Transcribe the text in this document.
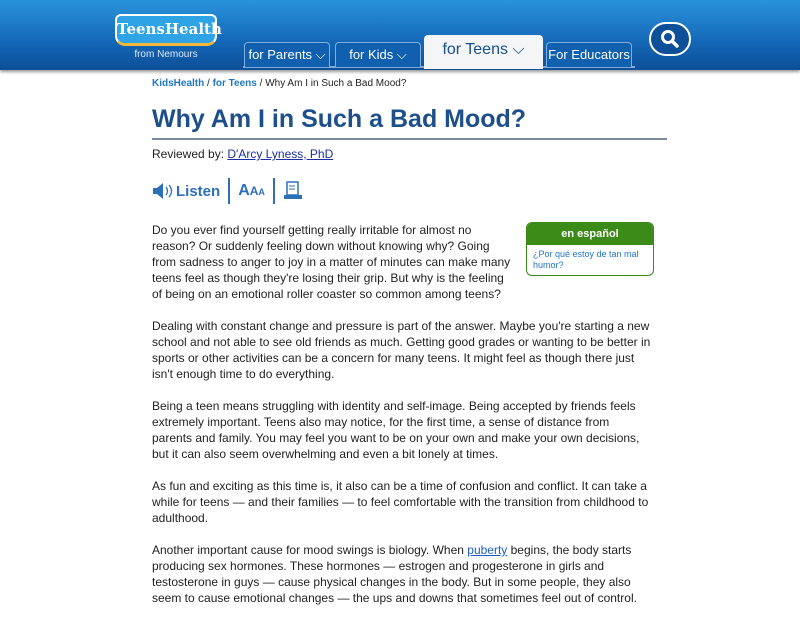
TeensHealth
from Nemours	for Parents ⌵	for Kids ⌵	for Teens ⌵	For Educators
KidsHealth / for Teens / Why Am I in Such a Bad Mood?
Why Am I in Such a Bad Mood?
Reviewed by: D'Arcy Lyness, PhD
Listen AAA
en español
¿Por qué estoy de tan mal humor?

Do you ever find yourself getting really irritable for almost no reason? Or suddenly feeling down without knowing why? Going from sadness to anger to joy in a matter of minutes can make many teens feel as though they're losing their grip. But why is the feeling of being on an emotional roller coaster so common among teens?

Dealing with constant change and pressure is part of the answer. Maybe you're starting a new school and not able to see old friends as much. Getting good grades or wanting to be better in sports or other activities can be a concern for many teens. It might feel as though there just isn't enough time to do everything.

Being a teen means struggling with identity and self-image. Being accepted by friends feels extremely important. Teens also may notice, for the first time, a sense of distance from parents and family. You may feel you want to be on your own and make your own decisions, but it can also seem overwhelming and even a bit lonely at times.

As fun and exciting as this time is, it also can be a time of confusion and conflict. It can take a while for teens — and their families — to feel comfortable with the transition from childhood to adulthood.

Another important cause for mood swings is biology. When puberty begins, the body starts producing sex hormones. These hormones — estrogen and progesterone in girls and testosterone in guys — cause physical changes in the body. But in some people, they also seem to cause emotional changes — the ups and downs that sometimes feel out of control.
